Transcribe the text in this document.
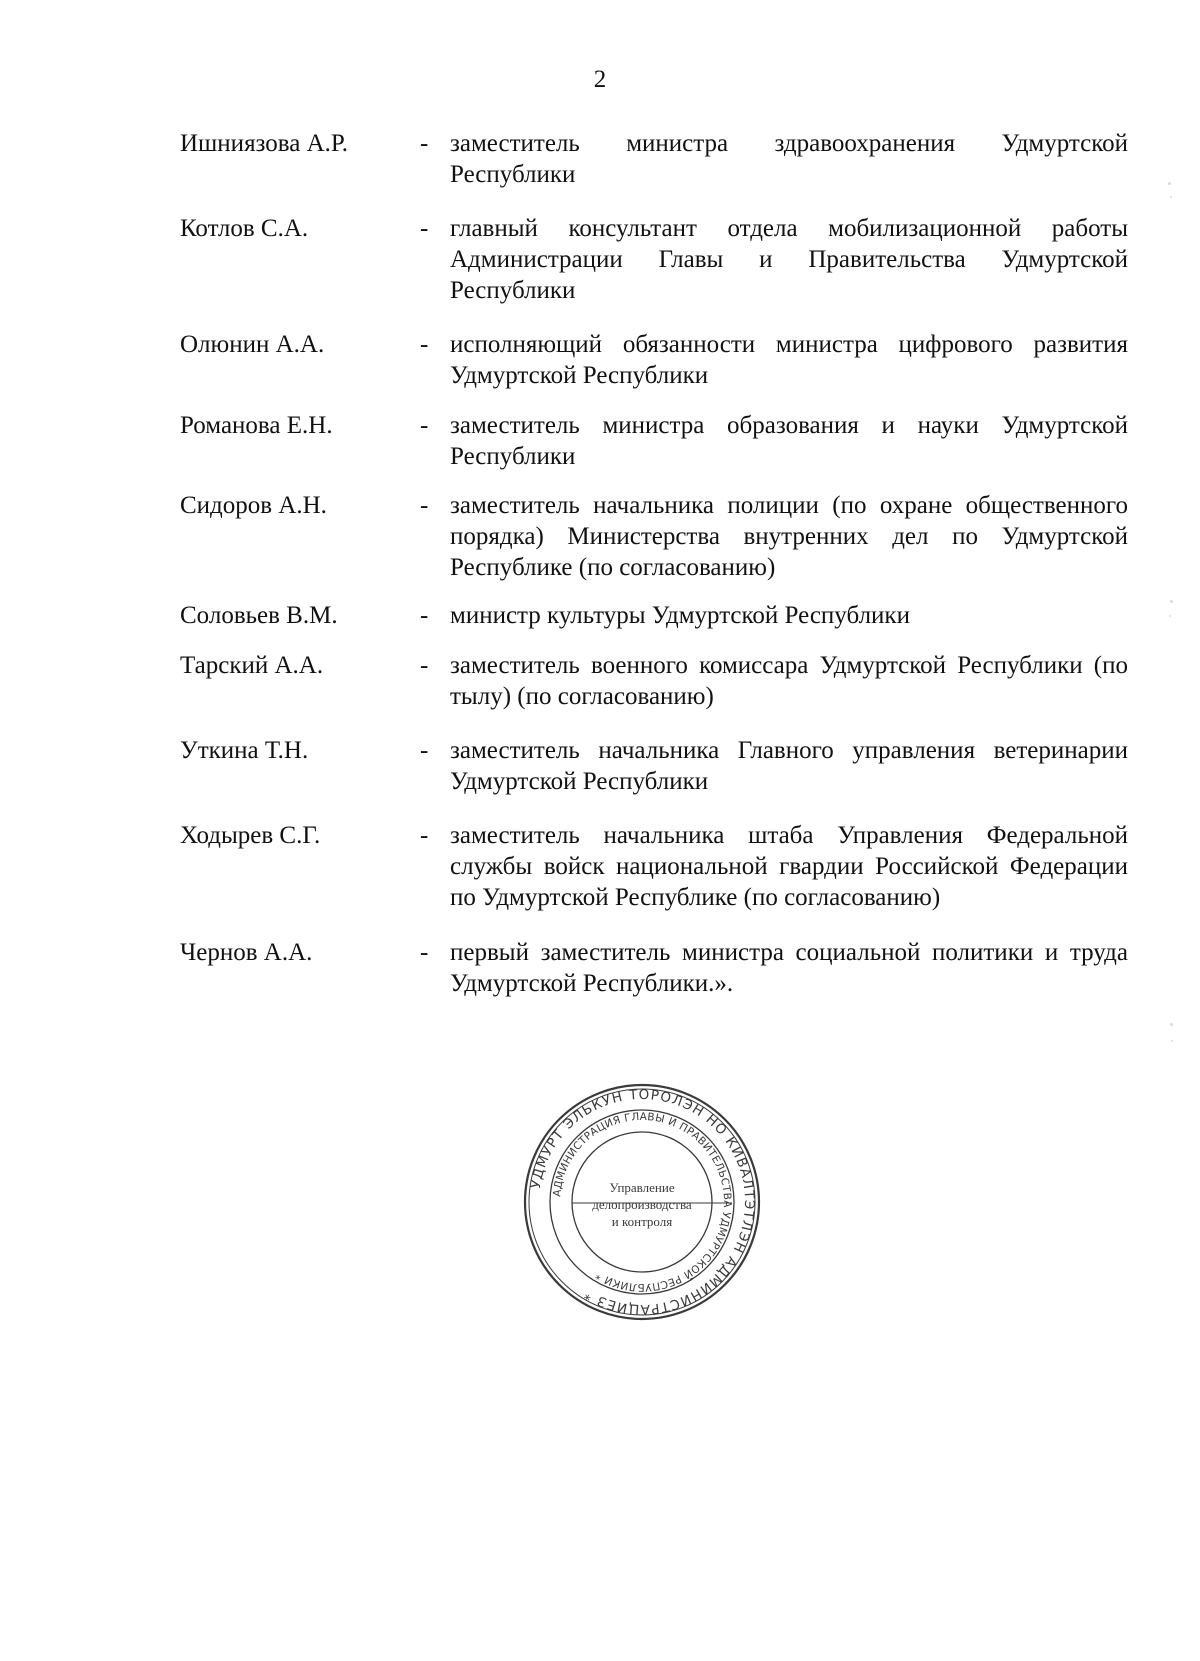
2
Ишниязова А.Р.	- заместитель министра здравоохранения Удмуртской Республики
Котлов С.А.	- главный консультант отдела мобилизационной работы Администрации Главы и Правительства Удмуртской Республики
Олюнин А.А.	- исполняющий обязанности министра цифрового развития Удмуртской Республики
Романова Е.Н.	- заместитель министра образования и науки Удмуртской Республики
Сидоров А.Н.	- заместитель начальника полиции (по охране общественного порядка) Министерства внутренних дел по Удмуртской Республике (по согласованию)
Соловьев В.М.	- министр культуры Удмуртской Республики
Тарский А.А.	- заместитель военного комиссара Удмуртской Республики (по тылу) (по согласованию)
Уткина Т.Н.	- заместитель начальника Главного управления ветеринарии Удмуртской Республики
Ходырев С.Г.	- заместитель начальника штаба Управления Федеральной службы войск национальной гвардии Российской Федерации по Удмуртской Республике (по согласованию)
Чернов А.А.	- первый заместитель министра социальной политики и труда Удмуртской Республики.».
УДМУРТ ЭЛЬКУН ТОРОЛЭН НО КИВАЛТЭТЛЭН АДМИНИСТРАЦИЕЗ *
АДМИНИСТРАЦИЯ ГЛАВЫ И ПРАВИТЕЛЬСТВА УДМУРТСКОЙ РЕСПУБЛИКИ *
Управление
делопроизводства
и контроля
